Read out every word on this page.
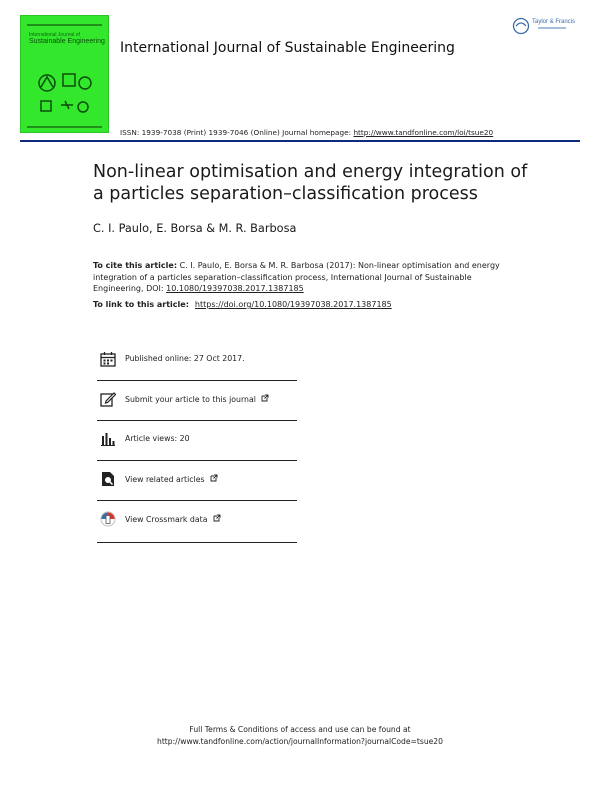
International Journal of
Sustainable Engineering International Journal of Sustainable Engineering
Taylor & Francis
ISSN: 1939-7038 (Print) 1939-7046 (Online) Journal homepage: http://www.tandfonline.com/loi/tsue20
Non-linear optimisation and energy integration of a particles separation–classification process
C. I. Paulo, E. Borsa & M. R. Barbosa
To cite this article: C. I. Paulo, E. Borsa & M. R. Barbosa (2017): Non-linear optimisation and energy integration of a particles separation–classification process, International Journal of Sustainable Engineering, DOI: 10.1080/19397038.2017.1387185
To link to this article: https://doi.org/10.1080/19397038.2017.1387185
Published online: 27 Oct 2017.
Submit your article to this journal
Article views: 20
View related articles
View Crossmark data
Full Terms & Conditions of access and use can be found at
http://www.tandfonline.com/action/journalInformation?journalCode=tsue20
